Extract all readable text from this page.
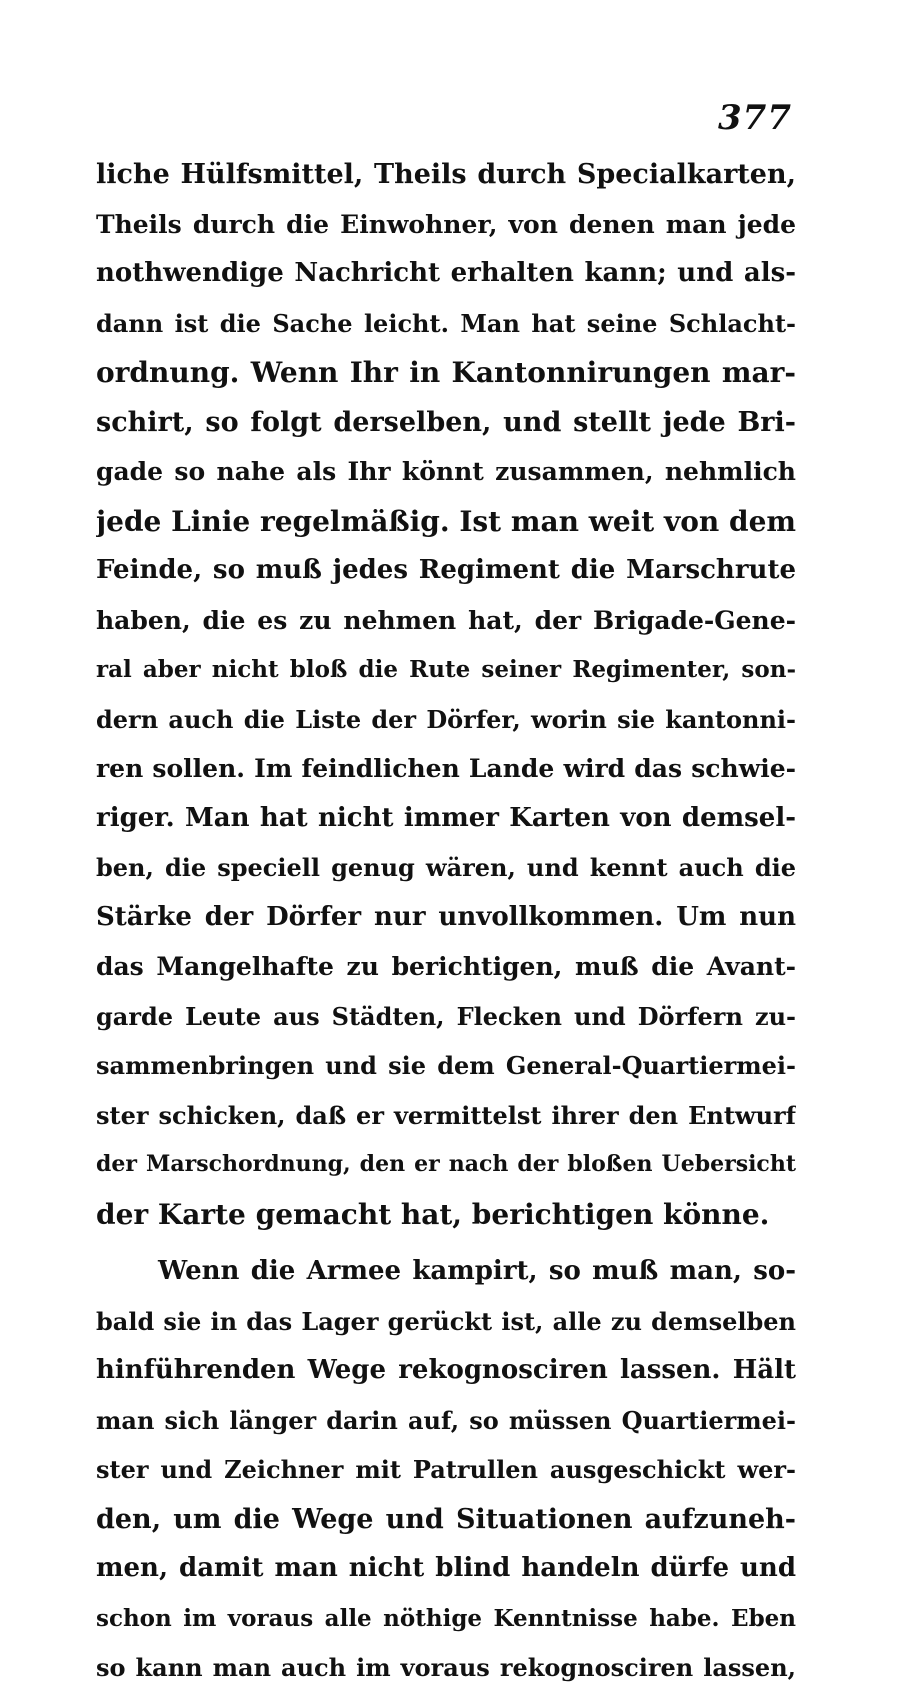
377
liche Hülfsmittel, Theils durch Specialkarten,
Theils durch die Einwohner, von denen man jede
nothwendige Nachricht erhalten kann; und als-
dann ist die Sache leicht. Man hat seine Schlacht-
ordnung. Wenn Ihr in Kantonnirungen mar-
schirt, so folgt derselben, und stellt jede Bri-
gade so nahe als Ihr könnt zusammen, nehmlich
jede Linie regelmäßig. Ist man weit von dem
Feinde, so muß jedes Regiment die Marschrute
haben, die es zu nehmen hat, der Brigade-Gene-
ral aber nicht bloß die Rute seiner Regimenter, son-
dern auch die Liste der Dörfer, worin sie kantonni-
ren sollen. Im feindlichen Lande wird das schwie-
riger. Man hat nicht immer Karten von demsel-
ben, die speciell genug wären, und kennt auch die
Stärke der Dörfer nur unvollkommen. Um nun
das Mangelhafte zu berichtigen, muß die Avant-
garde Leute aus Städten, Flecken und Dörfern zu-
sammenbringen und sie dem General-Quartiermei-
ster schicken, daß er vermittelst ihrer den Entwurf
der Marschordnung, den er nach der bloßen Uebersicht
der Karte gemacht hat, berichtigen könne.
Wenn die Armee kampirt, so muß man, so-
bald sie in das Lager gerückt ist, alle zu demselben
hinführenden Wege rekognosciren lassen. Hält
man sich länger darin auf, so müssen Quartiermei-
ster und Zeichner mit Patrullen ausgeschickt wer-
den, um die Wege und Situationen aufzuneh-
men, damit man nicht blind handeln dürfe und
schon im voraus alle nöthige Kenntnisse habe. Eben
so kann man auch im voraus rekognosciren lassen,
